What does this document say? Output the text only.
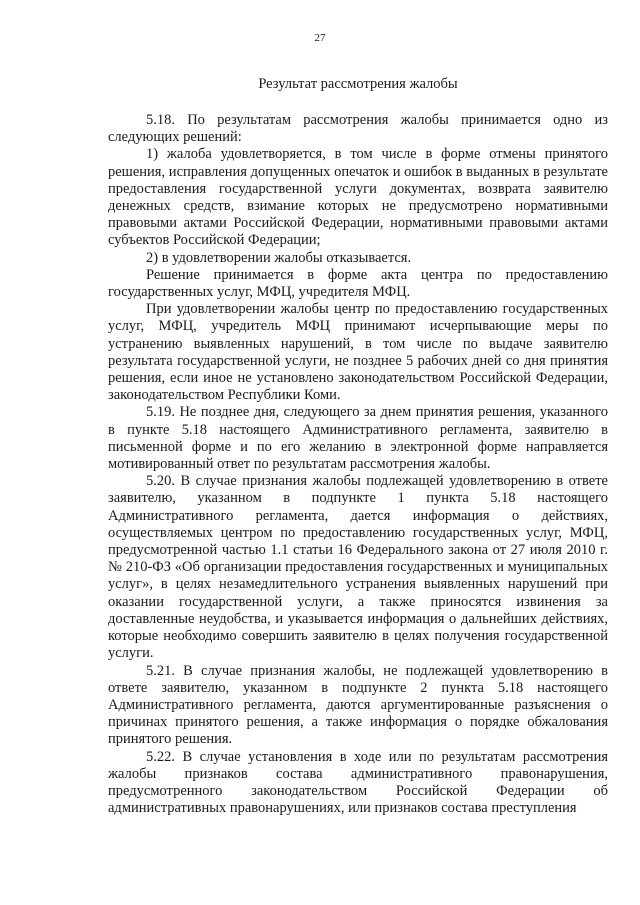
27
Результат рассмотрения жалобы

5.18. По результатам рассмотрения жалобы принимается одно из следующих решений:

1) жалоба удовлетворяется, в том числе в форме отмены принятого решения, исправления допущенных опечаток и ошибок в выданных в результате предоставления государственной услуги документах, возврата заявителю денежных средств, взимание которых не предусмотрено нормативными правовыми актами Российской Федерации, нормативными правовыми актами субъектов Российской Федерации;

2) в удовлетворении жалобы отказывается.

Решение принимается в форме акта центра по предоставлению государственных услуг, МФЦ, учредителя МФЦ.

При удовлетворении жалобы центр по предоставлению государственных услуг, МФЦ, учредитель МФЦ принимают исчерпывающие меры по устранению выявленных нарушений, в том числе по выдаче заявителю результата государственной услуги, не позднее 5 рабочих дней со дня принятия решения, если иное не установлено законодательством Российской Федерации, законодательством Республики Коми.

5.19. Не позднее дня, следующего за днем принятия решения, указанного в пункте 5.18 настоящего Административного регламента, заявителю в письменной форме и по его желанию в электронной форме направляется мотивированный ответ по результатам рассмотрения жалобы.

5.20. В случае признания жалобы подлежащей удовлетворению в ответе заявителю, указанном в подпункте 1 пункта 5.18 настоящего Административного регламента, дается информация о действиях, осуществляемых центром по предоставлению государственных услуг, МФЦ, предусмотренной частью 1.1 статьи 16 Федерального закона от 27 июля 2010 г. № 210-ФЗ «Об организации предоставления государственных и муниципальных услуг», в целях незамедлительного устранения выявленных нарушений при оказании государственной услуги, а также приносятся извинения за доставленные неудобства, и указывается информация о дальнейших действиях, которые необходимо совершить заявителю в целях получения государственной услуги.

5.21. В случае признания жалобы, не подлежащей удовлетворению в ответе заявителю, указанном в подпункте 2 пункта 5.18 настоящего Административного регламента, даются аргументированные разъяснения о причинах принятого решения, а также информация о порядке обжалования принятого решения.

5.22. В случае установления в ходе или по результатам рассмотрения жалобы признаков состава административного правонарушения, предусмотренного законодательством Российской Федерации об административных правонарушениях, или признаков состава преступления
